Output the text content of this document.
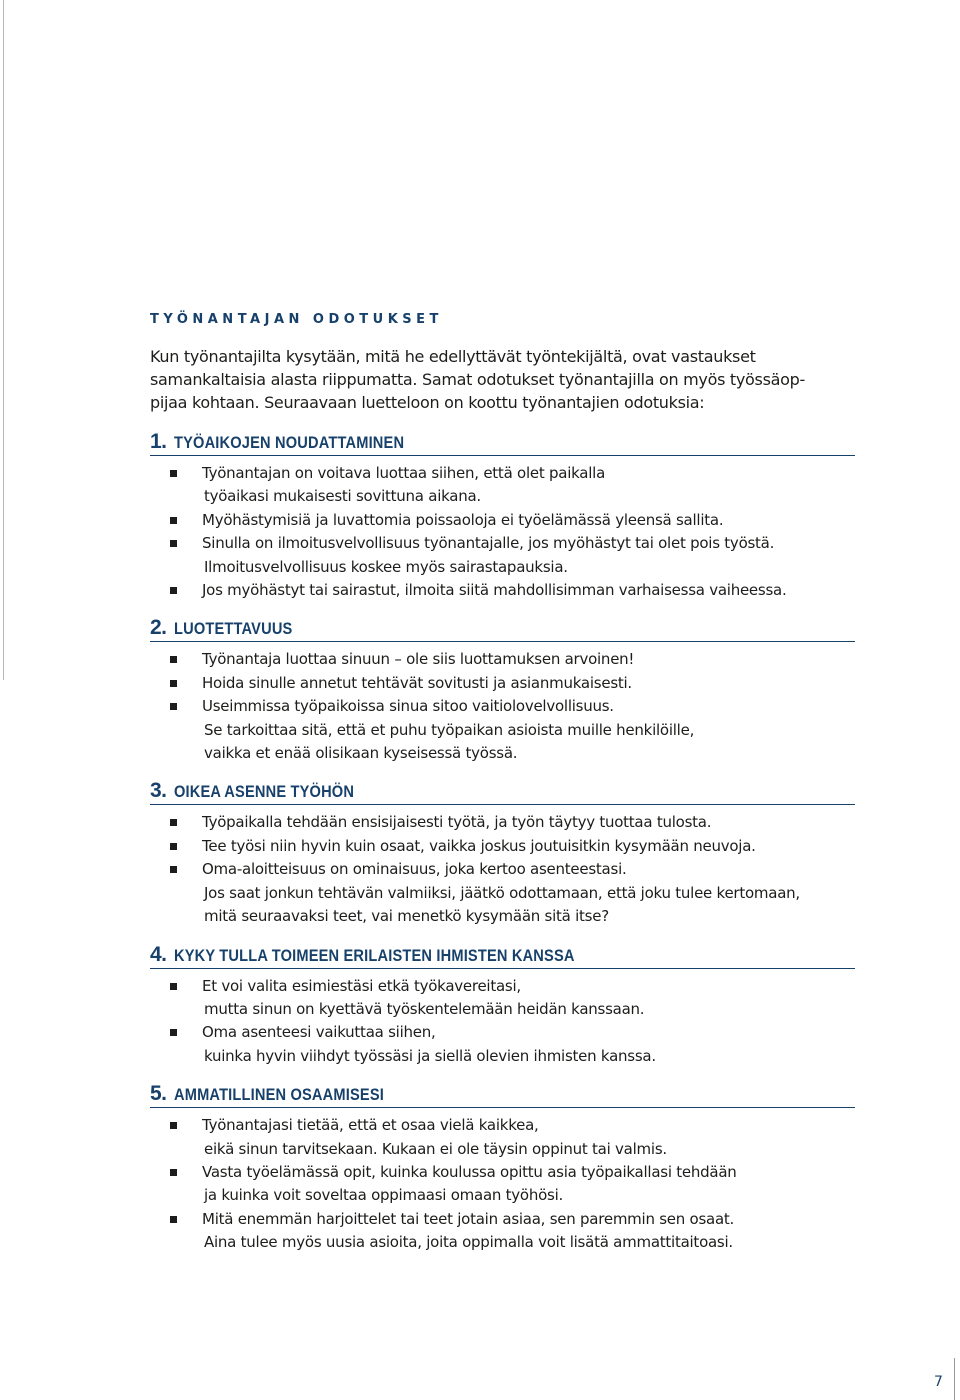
TYÖNANTAJAN ODOTUKSET

Kun työnantajilta kysytään, mitä he edellyttävät työntekijältä, ovat vastaukset
samankaltaisia alasta riippumatta. Samat odotukset työnantajilla on myös työssäop-
pijaa kohtaan. Seuraavaan luetteloon on koottu työnantajien odotuksia:

1. TYÖAIKOJEN NOUDATTAMINEN
Työnantajan on voitava luottaa siihen, että olet paikalla
työaikasi mukaisesti sovittuna aikana.
Myöhästymisiä ja luvattomia poissaoloja ei työelämässä yleensä sallita.
Sinulla on ilmoitusvelvollisuus työnantajalle, jos myöhästyt tai olet pois työstä.
Ilmoitusvelvollisuus koskee myös sairastapauksia.
Jos myöhästyt tai sairastut, ilmoita siitä mahdollisimman varhaisessa vaiheessa.
2. LUOTETTAVUUS
Työnantaja luottaa sinuun – ole siis luottamuksen arvoinen!
Hoida sinulle annetut tehtävät sovitusti ja asianmukaisesti.
Useimmissa työpaikoissa sinua sitoo vaitiolovelvollisuus.
Se tarkoittaa sitä, että et puhu työpaikan asioista muille henkilöille,
vaikka et enää olisikaan kyseisessä työssä.
3. OIKEA ASENNE TYÖHÖN
Työpaikalla tehdään ensisijaisesti työtä, ja työn täytyy tuottaa tulosta.
Tee työsi niin hyvin kuin osaat, vaikka joskus joutuisitkin kysymään neuvoja.
Oma-aloitteisuus on ominaisuus, joka kertoo asenteestasi.
Jos saat jonkun tehtävän valmiiksi, jäätkö odottamaan, että joku tulee kertomaan,
mitä seuraavaksi teet, vai menetkö kysymään sitä itse?
4. KYKY TULLA TOIMEEN ERILAISTEN IHMISTEN KANSSA
Et voi valita esimiestäsi etkä työkavereitasi,
mutta sinun on kyettävä työskentelemään heidän kanssaan.
Oma asenteesi vaikuttaa siihen,
kuinka hyvin viihdyt työssäsi ja siellä olevien ihmisten kanssa.
5. AMMATILLINEN OSAAMISESI
Työnantajasi tietää, että et osaa vielä kaikkea,
eikä sinun tarvitsekaan. Kukaan ei ole täysin oppinut tai valmis.
Vasta työelämässä opit, kuinka koulussa opittu asia työpaikallasi tehdään
ja kuinka voit soveltaa oppimaasi omaan työhösi.
Mitä enemmän harjoittelet tai teet jotain asiaa, sen paremmin sen osaat.
Aina tulee myös uusia asioita, joita oppimalla voit lisätä ammattitaitoasi.
7
